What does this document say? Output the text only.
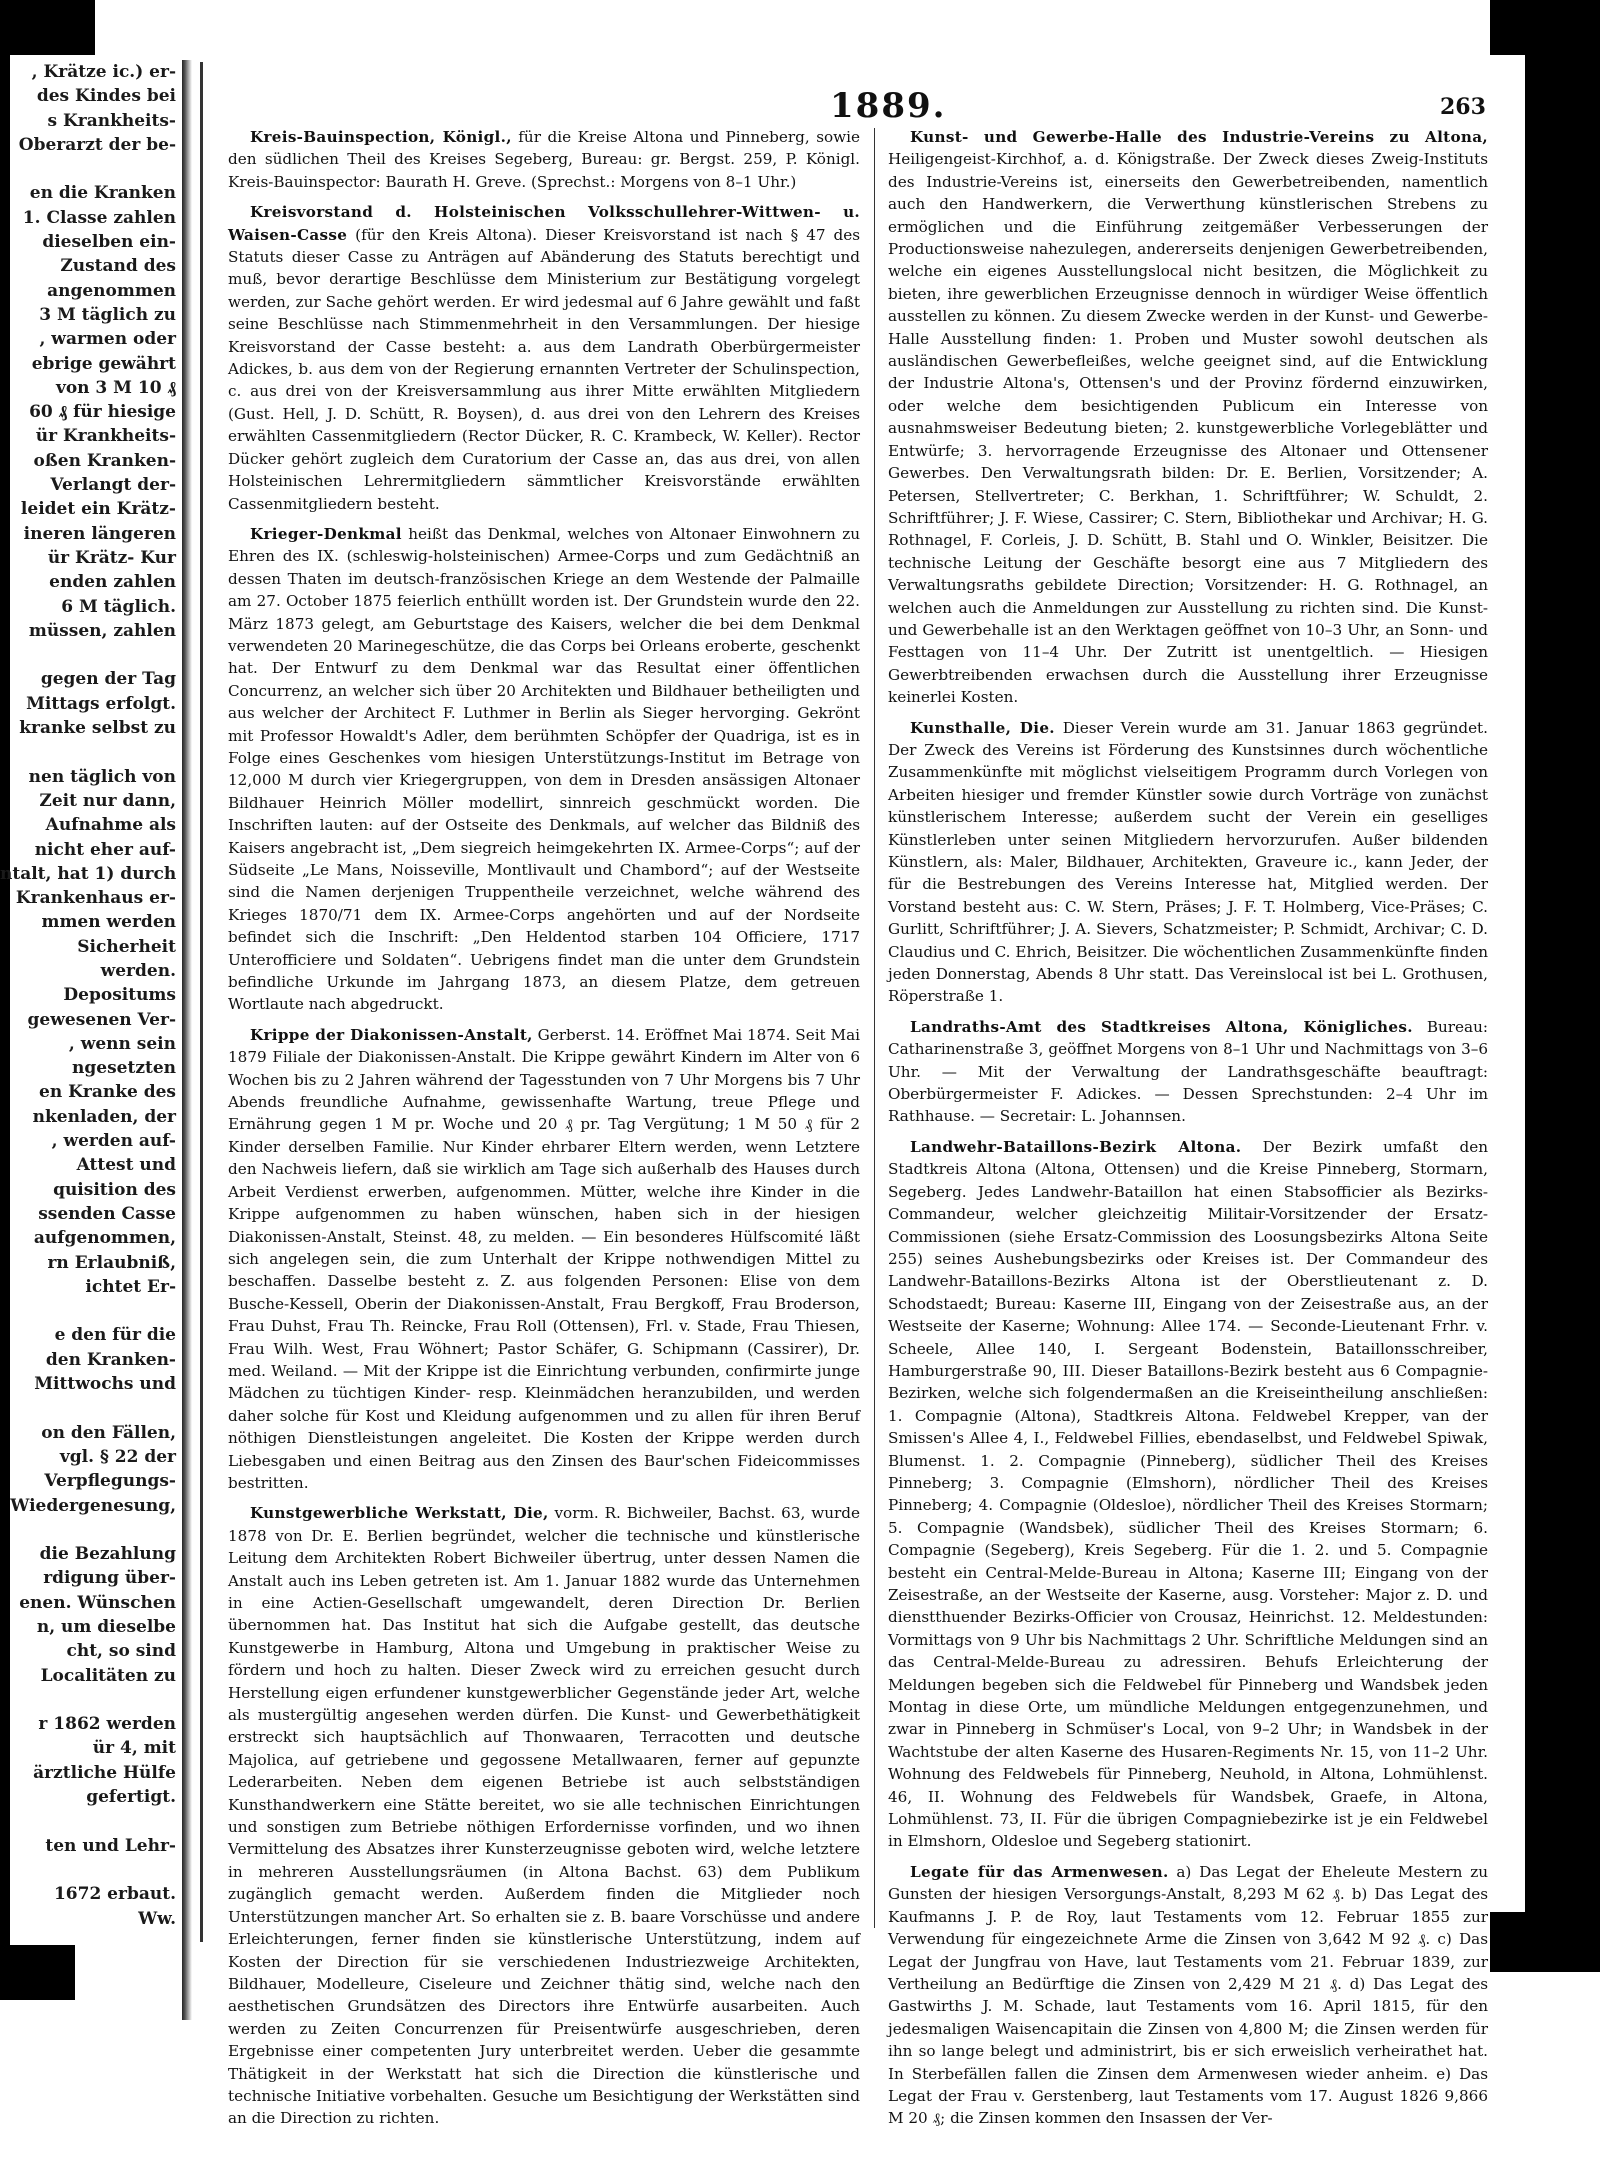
, Krätze ic.) er-
des Kindes bei
s Krankheits-
Oberarzt der be-

en die Kranken
1. Classe zahlen
dieselben ein-
Zustand des
angenommen
3 M täglich zu
, warmen oder
ebrige gewährt
von 3 M 10 ₰
60 ₰ für hiesige
ür Krankheits-
oßen Kranken-
Verlangt der-
leidet ein Krätz-
ineren längeren
ür Krätz- Kur
enden zahlen
6 M täglich.
müssen, zahlen

gegen der Tag
Mittags erfolgt.
kranke selbst zu

nen täglich von
Zeit nur dann,
Aufnahme als
nicht eher auf-
ntalt, hat 1) durch
Krankenhaus er-
mmen werden
Sicherheit
werden.
Depositums
gewesenen Ver-
, wenn sein
ngesetzten
en Kranke des
nkenladen, der
, werden auf-
Attest und
quisition des
ssenden Casse
aufgenommen,
rn Erlaubniß,
ichtet Er-

e den für die
den Kranken-
Mittwochs und

on den Fällen,
vgl. § 22 der
Verpflegungs-
Wiedergenesung,

die Bezahlung
rdigung über-
enen. Wünschen
n, um dieselbe
cht, so sind
Localitäten zu

r 1862 werden
ür 4, mit
ärztliche Hülfe
gefertigt.

ten und Lehr-

1672 erbaut.
Ww.
1889.	263

Kreis-Bauinspection, Königl., für die Kreise Altona und Pinneberg, sowie den südlichen Theil des Kreises Segeberg, Bureau: gr. Bergst. 259, P. Königl. Kreis-Bauinspector: Baurath H. Greve. (Sprechst.: Morgens von 8–1 Uhr.)

Kreisvorstand d. Holsteinischen Volksschullehrer-Wittwen- u. Waisen-Casse (für den Kreis Altona). Dieser Kreisvorstand ist nach § 47 des Statuts dieser Casse zu Anträgen auf Abänderung des Statuts berechtigt und muß, bevor derartige Beschlüsse dem Ministerium zur Bestätigung vorgelegt werden, zur Sache gehört werden. Er wird jedesmal auf 6 Jahre gewählt und faßt seine Beschlüsse nach Stimmenmehrheit in den Versammlungen. Der hiesige Kreisvorstand der Casse besteht: a. aus dem Landrath Oberbürgermeister Adickes, b. aus dem von der Regierung ernannten Vertreter der Schulinspection, c. aus drei von der Kreisversammlung aus ihrer Mitte erwählten Mitgliedern (Gust. Hell, J. D. Schütt, R. Boysen), d. aus drei von den Lehrern des Kreises erwählten Cassenmitgliedern (Rector Dücker, R. C. Krambeck, W. Keller). Rector Dücker gehört zugleich dem Curatorium der Casse an, das aus drei, von allen Holsteinischen Lehrermitgliedern sämmtlicher Kreisvorstände erwählten Cassenmitgliedern besteht.

Krieger-Denkmal heißt das Denkmal, welches von Altonaer Einwohnern zu Ehren des IX. (schleswig-holsteinischen) Armee-Corps und zum Gedächtniß an dessen Thaten im deutsch-französischen Kriege an dem Westende der Palmaille am 27. October 1875 feierlich enthüllt worden ist. Der Grundstein wurde den 22. März 1873 gelegt, am Geburtstage des Kaisers, welcher die bei dem Denkmal verwendeten 20 Marinegeschütze, die das Corps bei Orleans eroberte, geschenkt hat. Der Entwurf zu dem Denkmal war das Resultat einer öffentlichen Concurrenz, an welcher sich über 20 Architekten und Bildhauer betheiligten und aus welcher der Architect F. Luthmer in Berlin als Sieger hervorging. Gekrönt mit Professor Howaldt's Adler, dem berühmten Schöpfer der Quadriga, ist es in Folge eines Geschenkes vom hiesigen Unterstützungs-Institut im Betrage von 12,000 M durch vier Kriegergruppen, von dem in Dresden ansässigen Altonaer Bildhauer Heinrich Möller modellirt, sinnreich geschmückt worden. Die Inschriften lauten: auf der Ostseite des Denkmals, auf welcher das Bildniß des Kaisers angebracht ist, „Dem siegreich heimgekehrten IX. Armee-Corps“; auf der Südseite „Le Mans, Noisseville, Montlivault und Chambord“; auf der Westseite sind die Namen derjenigen Truppentheile verzeichnet, welche während des Krieges 1870/71 dem IX. Armee-Corps angehörten und auf der Nordseite befindet sich die Inschrift: „Den Heldentod starben 104 Officiere, 1717 Unterofficiere und Soldaten“. Uebrigens findet man die unter dem Grundstein befindliche Urkunde im Jahrgang 1873, an diesem Platze, dem getreuen Wortlaute nach abgedruckt.

Krippe der Diakonissen-Anstalt, Gerberst. 14. Eröffnet Mai 1874. Seit Mai 1879 Filiale der Diakonissen-Anstalt. Die Krippe gewährt Kindern im Alter von 6 Wochen bis zu 2 Jahren während der Tagesstunden von 7 Uhr Morgens bis 7 Uhr Abends freundliche Aufnahme, gewissenhafte Wartung, treue Pflege und Ernährung gegen 1 M pr. Woche und 20 ₰ pr. Tag Vergütung; 1 M 50 ₰ für 2 Kinder derselben Familie. Nur Kinder ehrbarer Eltern werden, wenn Letztere den Nachweis liefern, daß sie wirklich am Tage sich außerhalb des Hauses durch Arbeit Verdienst erwerben, aufgenommen. Mütter, welche ihre Kinder in die Krippe aufgenommen zu haben wünschen, haben sich in der hiesigen Diakonissen-Anstalt, Steinst. 48, zu melden. — Ein besonderes Hülfscomité läßt sich angelegen sein, die zum Unterhalt der Krippe nothwendigen Mittel zu beschaffen. Dasselbe besteht z. Z. aus folgenden Personen: Elise von dem Busche-Kessell, Oberin der Diakonissen-Anstalt, Frau Bergkoff, Frau Broderson, Frau Duhst, Frau Th. Reincke, Frau Roll (Ottensen), Frl. v. Stade, Frau Thiesen, Frau Wilh. West, Frau Wöhnert; Pastor Schäfer, G. Schipmann (Cassirer), Dr. med. Weiland. — Mit der Krippe ist die Einrichtung verbunden, confirmirte junge Mädchen zu tüchtigen Kinder- resp. Kleinmädchen heranzubilden, und werden daher solche für Kost und Kleidung aufgenommen und zu allen für ihren Beruf nöthigen Dienstleistungen angeleitet. Die Kosten der Krippe werden durch Liebesgaben und einen Beitrag aus den Zinsen des Baur'schen Fideicommisses bestritten.

Kunstgewerbliche Werkstatt, Die, vorm. R. Bichweiler, Bachst. 63, wurde 1878 von Dr. E. Berlien begründet, welcher die technische und künstlerische Leitung dem Architekten Robert Bichweiler übertrug, unter dessen Namen die Anstalt auch ins Leben getreten ist. Am 1. Januar 1882 wurde das Unternehmen in eine Actien-Gesellschaft umgewandelt, deren Direction Dr. Berlien übernommen hat. Das Institut hat sich die Aufgabe gestellt, das deutsche Kunstgewerbe in Hamburg, Altona und Umgebung in praktischer Weise zu fördern und hoch zu halten. Dieser Zweck wird zu erreichen gesucht durch Herstellung eigen erfundener kunstgewerblicher Gegenstände jeder Art, welche als mustergültig angesehen werden dürfen. Die Kunst- und Gewerbethätigkeit erstreckt sich hauptsächlich auf Thonwaaren, Terracotten und deutsche Majolica, auf getriebene und gegossene Metallwaaren, ferner auf gepunzte Lederarbeiten. Neben dem eigenen Betriebe ist auch selbstständigen Kunsthandwerkern eine Stätte bereitet, wo sie alle technischen Einrichtungen und sonstigen zum Betriebe nöthigen Erfordernisse vorfinden, und wo ihnen Vermittelung des Absatzes ihrer Kunsterzeugnisse geboten wird, welche letztere in mehreren Ausstellungsräumen (in Altona Bachst. 63) dem Publikum zugänglich gemacht werden. Außerdem finden die Mitglieder noch Unterstützungen mancher Art. So erhalten sie z. B. baare Vorschüsse und andere Erleichterungen, ferner finden sie künstlerische Unterstützung, indem auf Kosten der Direction für sie verschiedenen Industriezweige Architekten, Bildhauer, Modelleure, Ciseleure und Zeichner thätig sind, welche nach den aesthetischen Grundsätzen des Directors ihre Entwürfe ausarbeiten. Auch werden zu Zeiten Concurrenzen für Preisentwürfe ausgeschrieben, deren Ergebnisse einer competenten Jury unterbreitet werden. Ueber die gesammte Thätigkeit in der Werkstatt hat sich die Direction die künstlerische und technische Initiative vorbehalten. Gesuche um Besichtigung der Werkstätten sind an die Direction zu richten.

Kunst- und Gewerbe-Halle des Industrie-Vereins zu Altona, Heiligengeist-Kirchhof, a. d. Königstraße. Der Zweck dieses Zweig-Instituts des Industrie-Vereins ist, einerseits den Gewerbetreibenden, namentlich auch den Handwerkern, die Verwerthung künstlerischen Strebens zu ermöglichen und die Einführung zeitgemäßer Verbesserungen der Productionsweise nahezulegen, andererseits denjenigen Gewerbetreibenden, welche ein eigenes Ausstellungslocal nicht besitzen, die Möglichkeit zu bieten, ihre gewerblichen Erzeugnisse dennoch in würdiger Weise öffentlich ausstellen zu können. Zu diesem Zwecke werden in der Kunst- und Gewerbe-Halle Ausstellung finden: 1. Proben und Muster sowohl deutschen als ausländischen Gewerbefleißes, welche geeignet sind, auf die Entwicklung der Industrie Altona's, Ottensen's und der Provinz fördernd einzuwirken, oder welche dem besichtigenden Publicum ein Interesse von ausnahmsweiser Bedeutung bieten; 2. kunstgewerbliche Vorlegeblätter und Entwürfe; 3. hervorragende Erzeugnisse des Altonaer und Ottensener Gewerbes. Den Verwaltungsrath bilden: Dr. E. Berlien, Vorsitzender; A. Petersen, Stellvertreter; C. Berkhan, 1. Schriftführer; W. Schuldt, 2. Schriftführer; J. F. Wiese, Cassirer; C. Stern, Bibliothekar und Archivar; H. G. Rothnagel, F. Corleis, J. D. Schütt, B. Stahl und O. Winkler, Beisitzer. Die technische Leitung der Geschäfte besorgt eine aus 7 Mitgliedern des Verwaltungsraths gebildete Direction; Vorsitzender: H. G. Rothnagel, an welchen auch die Anmeldungen zur Ausstellung zu richten sind. Die Kunst- und Gewerbehalle ist an den Werktagen geöffnet von 10–3 Uhr, an Sonn- und Festtagen von 11–4 Uhr. Der Zutritt ist unentgeltlich. — Hiesigen Gewerbtreibenden erwachsen durch die Ausstellung ihrer Erzeugnisse keinerlei Kosten.

Kunsthalle, Die. Dieser Verein wurde am 31. Januar 1863 gegründet. Der Zweck des Vereins ist Förderung des Kunstsinnes durch wöchentliche Zusammenkünfte mit möglichst vielseitigem Programm durch Vorlegen von Arbeiten hiesiger und fremder Künstler sowie durch Vorträge von zunächst künstlerischem Interesse; außerdem sucht der Verein ein geselliges Künstlerleben unter seinen Mitgliedern hervorzurufen. Außer bildenden Künstlern, als: Maler, Bildhauer, Architekten, Graveure ic., kann Jeder, der für die Bestrebungen des Vereins Interesse hat, Mitglied werden. Der Vorstand besteht aus: C. W. Stern, Präses; J. F. T. Holmberg, Vice-Präses; C. Gurlitt, Schriftführer; J. A. Sievers, Schatzmeister; P. Schmidt, Archivar; C. D. Claudius und C. Ehrich, Beisitzer. Die wöchentlichen Zusammenkünfte finden jeden Donnerstag, Abends 8 Uhr statt. Das Vereinslocal ist bei L. Grothusen, Röperstraße 1.

Landraths-Amt des Stadtkreises Altona, Königliches. Bureau: Catharinenstraße 3, geöffnet Morgens von 8–1 Uhr und Nachmittags von 3–6 Uhr. — Mit der Verwaltung der Landrathsgeschäfte beauftragt: Oberbürgermeister F. Adickes. — Dessen Sprechstunden: 2–4 Uhr im Rathhause. — Secretair: L. Johannsen.

Landwehr-Bataillons-Bezirk Altona. Der Bezirk umfaßt den Stadtkreis Altona (Altona, Ottensen) und die Kreise Pinneberg, Stormarn, Segeberg. Jedes Landwehr-Bataillon hat einen Stabsofficier als Bezirks-Commandeur, welcher gleichzeitig Militair-Vorsitzender der Ersatz-Commissionen (siehe Ersatz-Commission des Loosungsbezirks Altona Seite 255) seines Aushebungsbezirks oder Kreises ist. Der Commandeur des Landwehr-Bataillons-Bezirks Altona ist der Oberstlieutenant z. D. Schodstaedt; Bureau: Kaserne III, Eingang von der Zeisestraße aus, an der Westseite der Kaserne; Wohnung: Allee 174. — Seconde-Lieutenant Frhr. v. Scheele, Allee 140, I. Sergeant Bodenstein, Bataillonsschreiber, Hamburgerstraße 90, III. Dieser Bataillons-Bezirk besteht aus 6 Compagnie-Bezirken, welche sich folgendermaßen an die Kreiseintheilung anschließen: 1. Compagnie (Altona), Stadtkreis Altona. Feldwebel Krepper, van der Smissen's Allee 4, I., Feldwebel Fillies, ebendaselbst, und Feldwebel Spiwak, Blumenst. 1. 2. Compagnie (Pinneberg), südlicher Theil des Kreises Pinneberg; 3. Compagnie (Elmshorn), nördlicher Theil des Kreises Pinneberg; 4. Compagnie (Oldesloe), nördlicher Theil des Kreises Stormarn; 5. Compagnie (Wandsbek), südlicher Theil des Kreises Stormarn; 6. Compagnie (Segeberg), Kreis Segeberg. Für die 1. 2. und 5. Compagnie besteht ein Central-Melde-Bureau in Altona; Kaserne III; Eingang von der Zeisestraße, an der Westseite der Kaserne, ausg. Vorsteher: Major z. D. und dienstthuender Bezirks-Officier von Crousaz, Heinrichst. 12. Meldestunden: Vormittags von 9 Uhr bis Nachmittags 2 Uhr. Schriftliche Meldungen sind an das Central-Melde-Bureau zu adressiren. Behufs Erleichterung der Meldungen begeben sich die Feldwebel für Pinneberg und Wandsbek jeden Montag in diese Orte, um mündliche Meldungen entgegenzunehmen, und zwar in Pinneberg in Schmüser's Local, von 9–2 Uhr; in Wandsbek in der Wachtstube der alten Kaserne des Husaren-Regiments Nr. 15, von 11–2 Uhr. Wohnung des Feldwebels für Pinneberg, Neuhold, in Altona, Lohmühlenst. 46, II. Wohnung des Feldwebels für Wandsbek, Graefe, in Altona, Lohmühlenst. 73, II. Für die übrigen Compagniebezirke ist je ein Feldwebel in Elmshorn, Oldesloe und Segeberg stationirt.

Legate für das Armenwesen. a) Das Legat der Eheleute Mestern zu Gunsten der hiesigen Versorgungs-Anstalt, 8,293 M 62 ₰. b) Das Legat des Kaufmanns J. P. de Roy, laut Testaments vom 12. Februar 1855 zur Verwendung für eingezeichnete Arme die Zinsen von 3,642 M 92 ₰. c) Das Legat der Jungfrau von Have, laut Testaments vom 21. Februar 1839, zur Vertheilung an Bedürftige die Zinsen von 2,429 M 21 ₰. d) Das Legat des Gastwirths J. M. Schade, laut Testaments vom 16. April 1815, für den jedesmaligen Waisencapitain die Zinsen von 4,800 M; die Zinsen werden für ihn so lange belegt und administrirt, bis er sich erweislich verheirathet hat. In Sterbefällen fallen die Zinsen dem Armenwesen wieder anheim. e) Das Legat der Frau v. Gerstenberg, laut Testaments vom 17. August 1826 9,866 M 20 ₰; die Zinsen kommen den Insassen der Ver-
